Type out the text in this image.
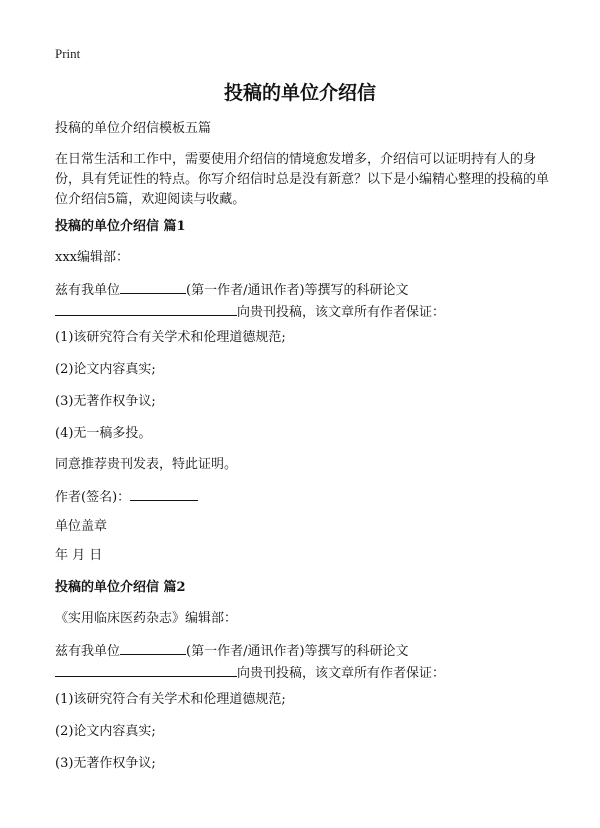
Print
投稿的单位介绍信
投稿的单位介绍信模板五篇
在日常生活和工作中，需要使用介绍信的情境愈发增多，介绍信可以证明持有人的身份，具有凭证性的特点。你写介绍信时总是没有新意？以下是小编精心整理的投稿的单位介绍信5篇，欢迎阅读与收藏。
投稿的单位介绍信 篇1
xxx编辑部：
兹有我单位	(第一作者/通讯作者)等撰写的科研论文
向贵刊投稿，该文章所有作者保证：
(1)该研究符合有关学术和伦理道德规范;
(2)论文内容真实;
(3)无著作权争议;
(4)无一稿多投。
同意推荐贵刊发表，特此证明。
作者(签名)：
单位盖章
年 月 日
投稿的单位介绍信 篇2
《实用临床医药杂志》编辑部：
兹有我单位	(第一作者/通讯作者)等撰写的科研论文
向贵刊投稿，该文章所有作者保证：
(1)该研究符合有关学术和伦理道德规范;
(2)论文内容真实;
(3)无著作权争议;
